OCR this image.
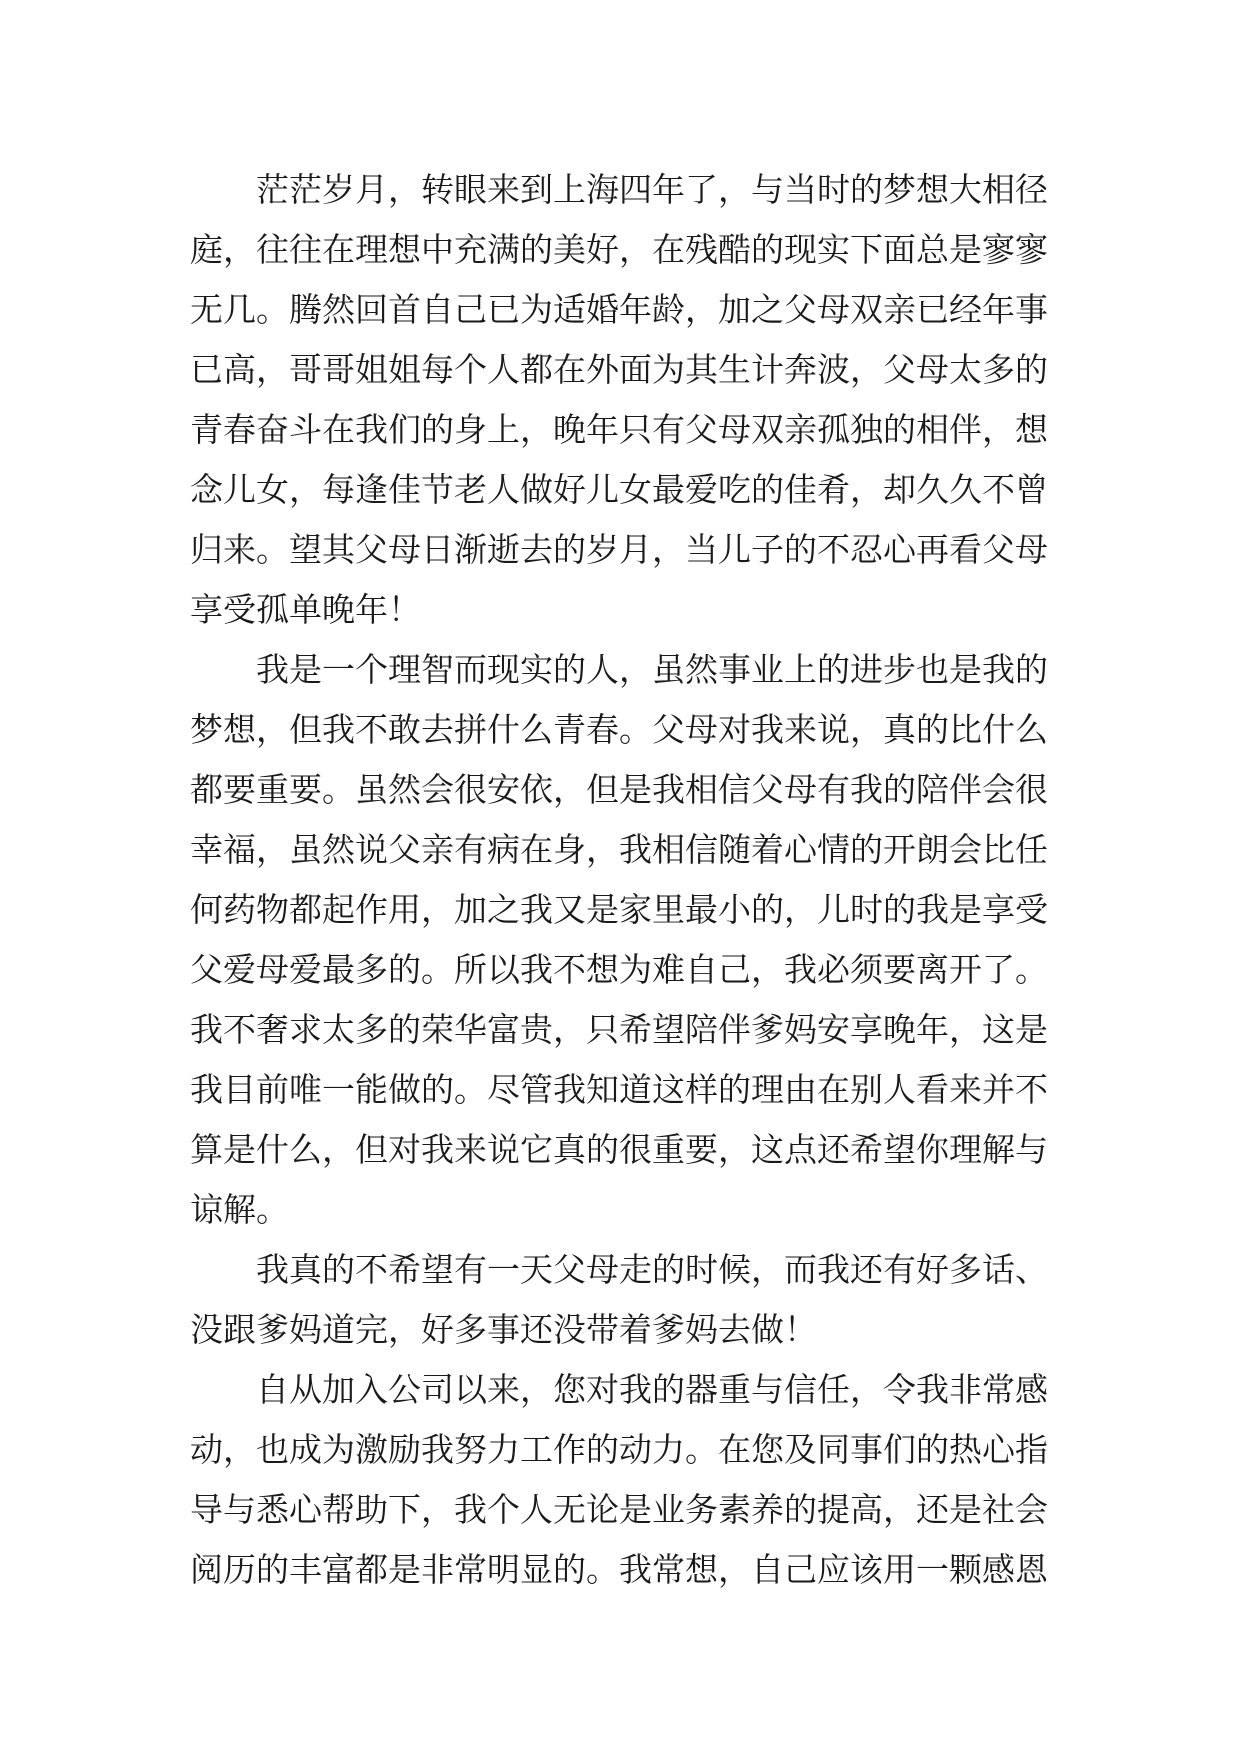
茫茫岁月，转眼来到上海四年了，与当时的梦想大相径
庭，往往在理想中充满的美好，在残酷的现实下面总是寥寥
无几。腾然回首自己已为适婚年龄，加之父母双亲已经年事
已高，哥哥姐姐每个人都在外面为其生计奔波，父母太多的
青春奋斗在我们的身上，晚年只有父母双亲孤独的相伴，想
念儿女，每逢佳节老人做好儿女最爱吃的佳肴，却久久不曾
归来。望其父母日渐逝去的岁月，当儿子的不忍心再看父母
享受孤单晚年！
我是一个理智而现实的人，虽然事业上的进步也是我的
梦想，但我不敢去拼什么青春。父母对我来说，真的比什么
都要重要。虽然会很安依，但是我相信父母有我的陪伴会很
幸福，虽然说父亲有病在身，我相信随着心情的开朗会比任
何药物都起作用，加之我又是家里最小的，儿时的我是享受
父爱母爱最多的。所以我不想为难自己，我必须要离开了。
我不奢求太多的荣华富贵，只希望陪伴爹妈安享晚年，这是
我目前唯一能做的。尽管我知道这样的理由在别人看来并不
算是什么，但对我来说它真的很重要，这点还希望你理解与
谅解。
我真的不希望有一天父母走的时候，而我还有好多话、
没跟爹妈道完，好多事还没带着爹妈去做！
自从加入公司以来，您对我的器重与信任，令我非常感
动，也成为激励我努力工作的动力。在您及同事们的热心指
导与悉心帮助下，我个人无论是业务素养的提高，还是社会
阅历的丰富都是非常明显的。我常想，自己应该用一颗感恩
